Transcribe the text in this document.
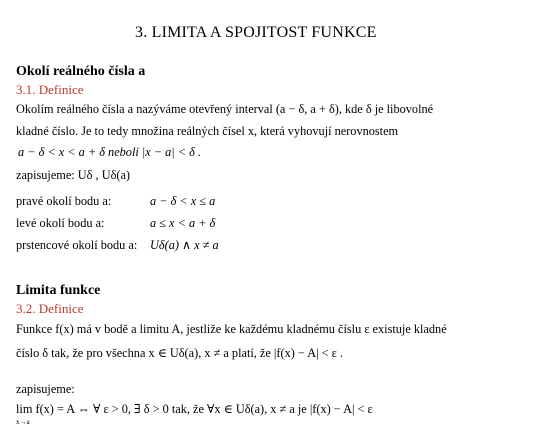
3. LIMITA A SPOJITOST FUNKCE
Okolí reálného čísla a
3.1. Definice
Okolím reálného čísla a nazýváme otevřený interval (a − δ, a + δ), kde δ je libovolné
kladné číslo. Je to tedy množina reálných čísel x, která vyhovují nerovnostem
a − δ < x < a + δ neboli |x − a| < δ .
zapisujeme: Uδ , Uδ(a)
pravé okolí bodu a:	a − δ < x ≤ a
levé okolí bodu a:	a ≤ x < a + δ
prstencové okolí bodu a: Uδ(a) ∧ x ≠ a
Limita funkce
3.2. Definice
Funkce f(x) má v bodě a limitu A, jestliže ke každému kladnému číslu ε existuje kladné
číslo δ tak, že pro všechna x ∈ Uδ(a), x ≠ a platí, že |f(x) − A| < ε .
zapisujeme:
lim f(x) = A ⇔ ∀ ε > 0, ∃ δ > 0 tak, že ∀x ∈ Uδ(a), x ≠ a je |f(x) − A| < ε
x→a
